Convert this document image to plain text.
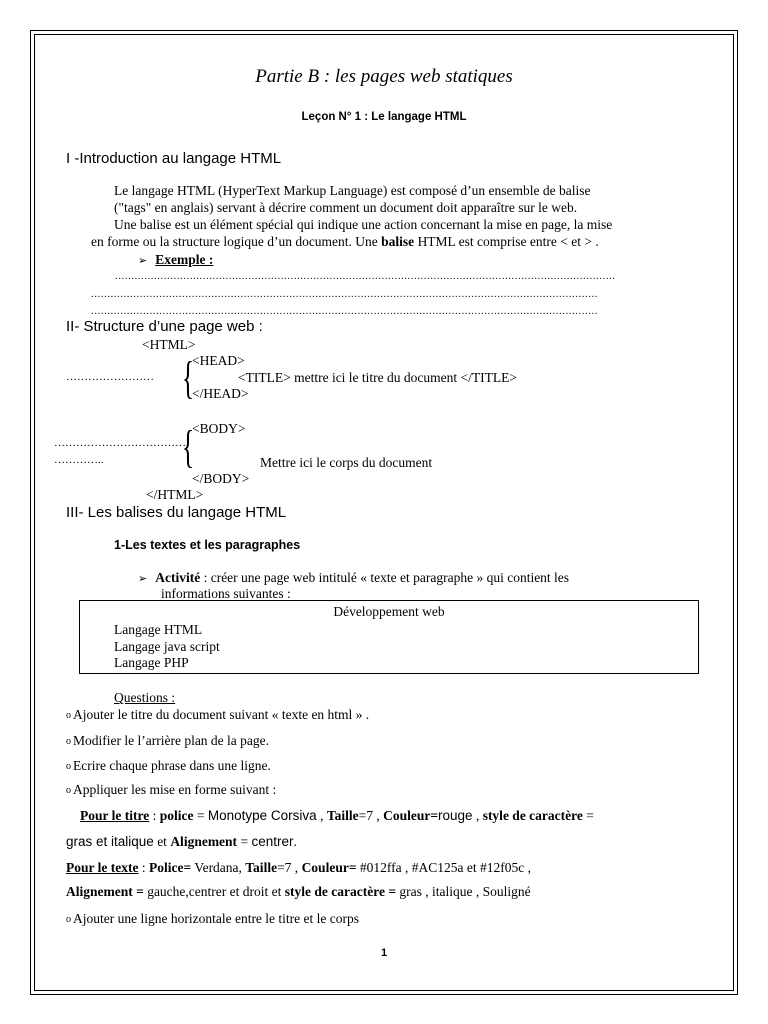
Partie B : les pages web statiques
Leçon N° 1 : Le langage HTML
I -Introduction au langage HTML
Le langage HTML (HyperText Markup Language) est composé d’un ensemble de balise
("tags" en anglais) servant à décrire comment un document doit apparaître sur le web.
Une balise est un élément spécial qui indique une action concernant la mise en page, la mise
en forme ou la structure logique d’un document. Une balise HTML est comprise entre < et > .
➢ Exemple :
..........................................................................................................................................................
............................................................................................................................................................
............................................................................................................................................................
II- Structure d’une page web :
<HTML>
{
<HEAD>
……………………	<TITLE> mettre ici le titre du document </TITLE>
</HEAD>
{
<BODY>
……………………………….
…………..	Mettre ici le corps du document
</BODY>
</HTML>
III- Les balises du langage HTML
1-Les textes et les paragraphes
➢ Activité : créer une page web intitulé « texte et paragraphe » qui contient les
informations suivantes :
Développement web
Langage HTML
Langage java script
Langage PHP
Questions :
o Ajouter le titre du document suivant « texte en html » .
o Modifier le l’arrière plan de la page.
o Ecrire chaque phrase dans une ligne.
o Appliquer les mise en forme suivant :
Pour le titre : police = Monotype Corsiva , Taille=7 , Couleur=rouge , style de caractère =
gras et italique et Alignement = centrer.
Pour le texte : Police= Verdana, Taille=7 , Couleur= #012ffa , #AC125a et #12f05c ,
Alignement = gauche,centrer et droit et style de caractère = gras , italique , Souligné
o Ajouter une ligne horizontale entre le titre et le corps
1
